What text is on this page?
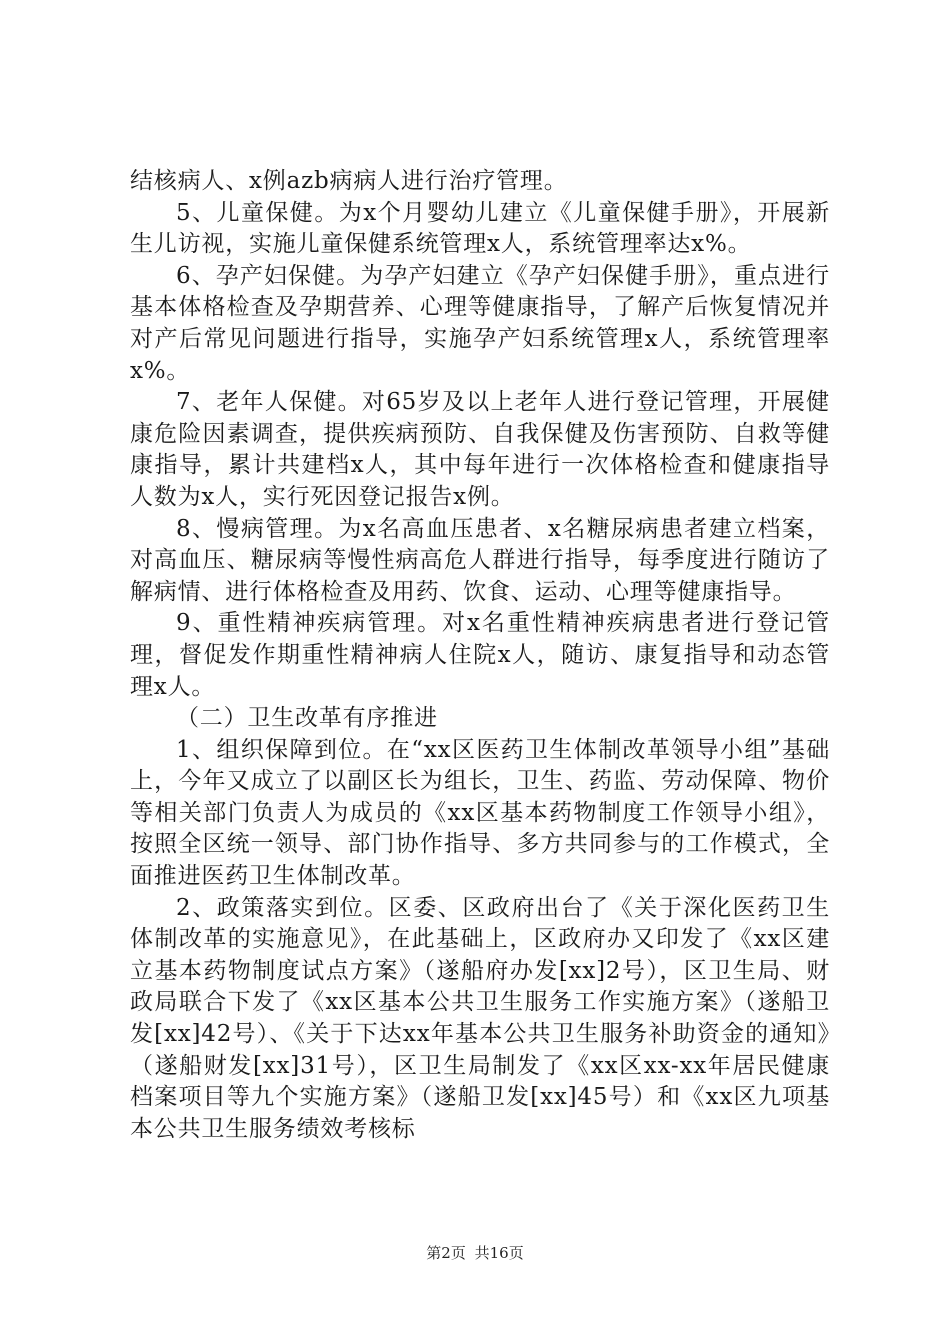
结核病人、x例azb病病人进行治疗管理。

5、儿童保健。为x个月婴幼儿建立《儿童保健手册》，开展新生儿访视，实施儿童保健系统管理x人，系统管理率达x%。

6、孕产妇保健。为孕产妇建立《孕产妇保健手册》，重点进行基本体格检查及孕期营养、心理等健康指导，了解产后恢复情况并对产后常见问题进行指导，实施孕产妇系统管理x人，系统管理率x%。

7、老年人保健。对65岁及以上老年人进行登记管理，开展健康危险因素调查，提供疾病预防、自我保健及伤害预防、自救等健康指导，累计共建档x人，其中每年进行一次体格检查和健康指导人数为x人，实行死因登记报告x例。

8、慢病管理。为x名高血压患者、x名糖尿病患者建立档案，对高血压、糖尿病等慢性病高危人群进行指导，每季度进行随访了解病情、进行体格检查及用药、饮食、运动、心理等健康指导。

9、重性精神疾病管理。对x名重性精神疾病患者进行登记管理，督促发作期重性精神病人住院x人，随访、康复指导和动态管理x人。

（二）卫生改革有序推进

1、组织保障到位。在“xx区医药卫生体制改革领导小组”基础上，今年又成立了以副区长为组长，卫生、药监、劳动保障、物价等相关部门负责人为成员的《xx区基本药物制度工作领导小组》，按照全区统一领导、部门协作指导、多方共同参与的工作模式，全面推进医药卫生体制改革。

2、政策落实到位。区委、区政府出台了《关于深化医药卫生体制改革的实施意见》，在此基础上，区政府办又印发了《xx区建立基本药物制度试点方案》（遂船府办发[xx]2号），区卫生局、财政局联合下发了《xx区基本公共卫生服务工作实施方案》（遂船卫发[xx]42号）、《关于下达xx年基本公共卫生服务补助资金的通知》（遂船财发[xx]31号），区卫生局制发了《xx区xx-xx年居民健康档案项目等九个实施方案》（遂船卫发[xx]45号）和《xx区九项基本公共卫生服务绩效考核标

第2页 共16页
